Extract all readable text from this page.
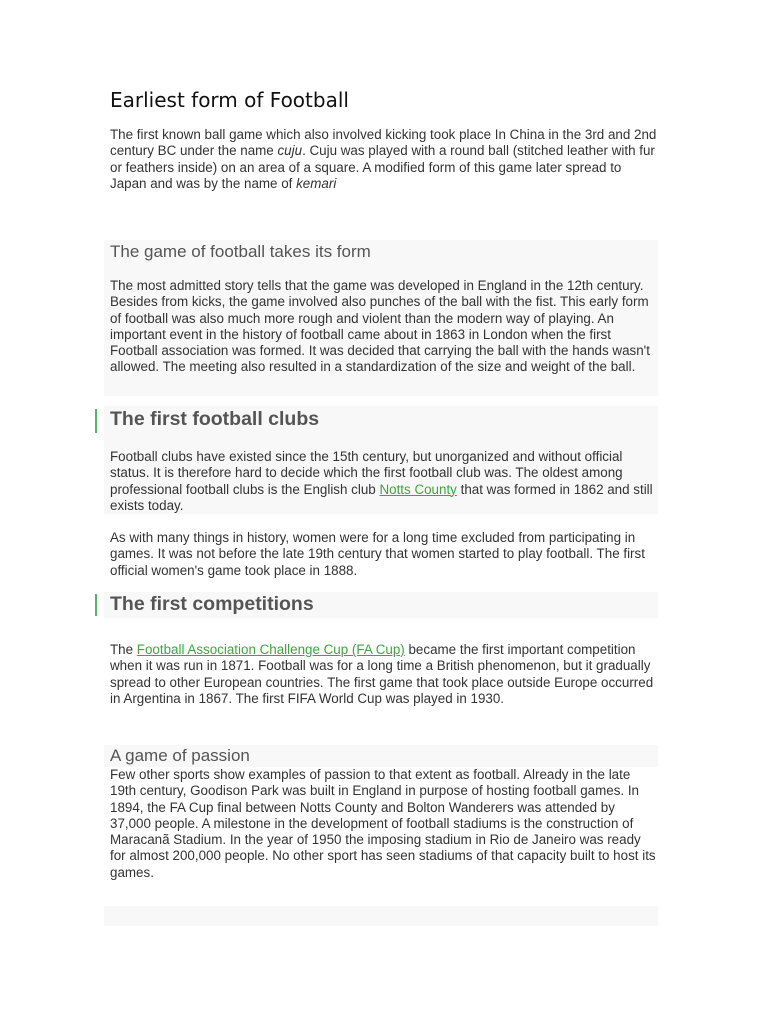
Earliest form of Football

The first known ball game which also involved kicking took place In China in the 3rd and 2nd century BC under the name cuju. Cuju was played with a round ball (stitched leather with fur or feathers inside) on an area of a square. A modified form of this game later spread to Japan and was by the name of kemari

The game of football takes its form

The most admitted story tells that the game was developed in England in the 12th century. Besides from kicks, the game involved also punches of the ball with the fist. This early form of football was also much more rough and violent than the modern way of playing. An important event in the history of football came about in 1863 in London when the first Football association was formed. It was decided that carrying the ball with the hands wasn't allowed. The meeting also resulted in a standardization of the size and weight of the ball.

The first football clubs

Football clubs have existed since the 15th century, but unorganized and without official status. It is therefore hard to decide which the first football club was. The oldest among professional football clubs is the English club Notts County that was formed in 1862 and still exists today.

As with many things in history, women were for a long time excluded from participating in games. It was not before the late 19th century that women started to play football. The first official women's game took place in 1888.

The first competitions

The Football Association Challenge Cup (FA Cup) became the first important competition when it was run in 1871. Football was for a long time a British phenomenon, but it gradually spread to other European countries. The first game that took place outside Europe occurred in Argentina in 1867. The first FIFA World Cup was played in 1930.

A game of passion

Few other sports show examples of passion to that extent as football. Already in the late 19th century, Goodison Park was built in England in purpose of hosting football games. In 1894, the FA Cup final between Notts County and Bolton Wanderers was attended by 37,000 people. A milestone in the development of football stadiums is the construction of Maracanã Stadium. In the year of 1950 the imposing stadium in Rio de Janeiro was ready for almost 200,000 people. No other sport has seen stadiums of that capacity built to host its games.
